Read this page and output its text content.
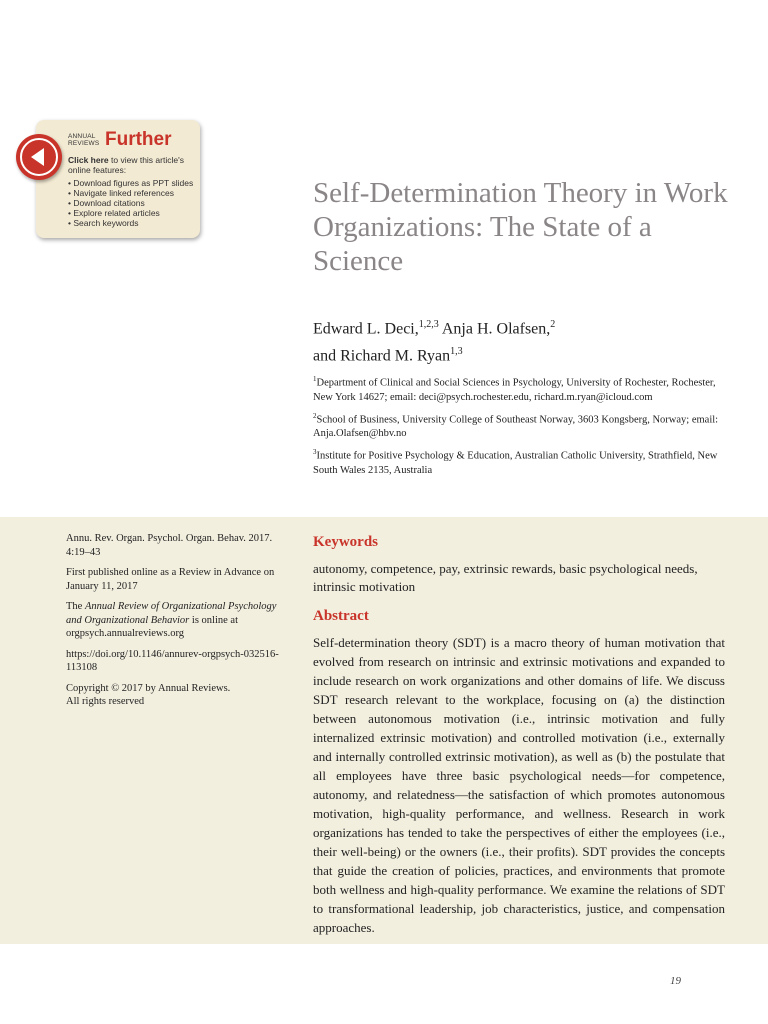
ANNUAL
REVIEWS Further
Click here to view this article's online features:
• Download figures as PPT slides
• Navigate linked references
• Download citations
• Explore related articles
• Search keywords
Self-Determination Theory in Work Organizations: The State of a Science
Edward L. Deci,$^{1,2,3}$ Anja H. Olafsen,$^2$
and Richard M. Ryan$^{1,3}$

$^1$Department of Clinical and Social Sciences in Psychology, University of Rochester, Rochester, New York 14627; email: deci@psych.rochester.edu, richard.m.ryan@icloud.com

$^2$School of Business, University College of Southeast Norway, 3603 Kongsberg, Norway; email: Anja.Olafsen@hbv.no

$^3$Institute for Positive Psychology & Education, Australian Catholic University, Strathfield, New South Wales 2135, Australia

Annu. Rev. Organ. Psychol. Organ. Behav. 2017. 4:19–43

First published online as a Review in Advance on January 11, 2017

The Annual Review of Organizational Psychology and Organizational Behavior is online at orgpsych.annualreviews.org

https://doi.org/10.1146/annurev-orgpsych-032516-113108

Copyright © 2017 by Annual Reviews.
All rights reserved

Keywords
autonomy, competence, pay, extrinsic rewards, basic psychological needs, intrinsic motivation
Abstract
Self-determination theory (SDT) is a macro theory of human motivation that evolved from research on intrinsic and extrinsic motivations and expanded to include research on work organizations and other domains of life. We discuss SDT research relevant to the workplace, focusing on (a) the distinction between autonomous motivation (i.e., intrinsic motivation and fully internalized extrinsic motivation) and controlled motivation (i.e., externally and internally controlled extrinsic motivation), as well as (b) the postulate that all employees have three basic psychological needs—for competence, autonomy, and relatedness—the satisfaction of which promotes autonomous motivation, high-quality performance, and wellness. Research in work organizations has tended to take the perspectives of either the employees (i.e., their well-being) or the owners (i.e., their profits). SDT provides the concepts that guide the creation of policies, practices, and environments that promote both wellness and high-quality performance. We examine the relations of SDT to transformational leadership, job characteristics, justice, and compensation approaches.
19
